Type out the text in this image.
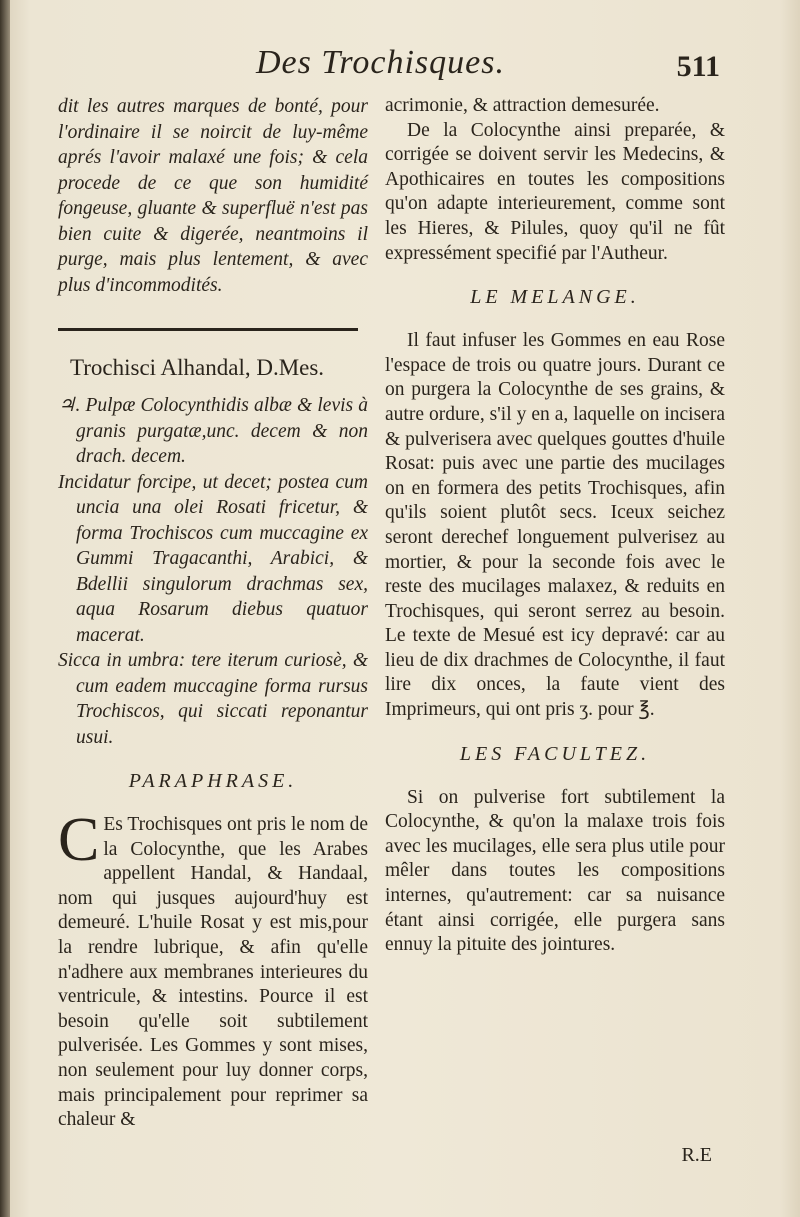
Des Trochisques.	511

dit les autres marques de bonté, pour l'ordinaire il se noircit de luy-même aprés l'avoir malaxé une fois; & cela procede de ce que son humidité fongeuse, gluante & superfluë n'est pas bien cuite & digerée, neantmoins il purge, mais plus lentement, & avec plus d'incommodités.

Trochisci Alhandal, D.Mes.

♃. Pulpæ Colocynthidis albæ & levis à granis purgatæ,unc. decem & non drach. decem.

Incidatur forcipe, ut decet; postea cum uncia una olei Rosati fricetur, & forma Trochiscos cum muccagine ex Gummi Tragacanthi, Arabici, & Bdellii singulorum drachmas sex, aqua Rosarum diebus quatuor macerat.

Sicca in umbra: tere iterum curiosè, & cum eadem muccagine forma rursus Trochiscos, qui siccati reponantur usui.

PARAPHRASE.

C Es Trochisques ont pris le nom de la Colocynthe, que les Arabes appellent Handal, & Handaal, nom qui jusques aujourd'huy est demeuré. L'huile Rosat y est mis,pour la rendre lubrique, & afin qu'elle n'adhere aux membranes interieures du ventricule, & intestins. Pource il est besoin qu'elle soit subtilement pulverisée. Les Gommes y sont mises, non seulement pour luy donner corps, mais principalement pour reprimer sa chaleur &

acrimonie, & attraction demesurée.

De la Colocynthe ainsi preparée, & corrigée se doivent servir les Medecins, & Apothicaires en toutes les compositions qu'on adapte interieurement, comme sont les Hieres, & Pilules, quoy qu'il ne fût expressément specifié par l'Autheur.

LE MELANGE.

Il faut infuser les Gommes en eau Rose l'espace de trois ou quatre jours. Durant ce on purgera la Colocynthe de ses grains, & autre ordure, s'il y en a, laquelle on incisera & pulverisera avec quelques gouttes d'huile Rosat: puis avec une partie des mucilages on en formera des petits Trochisques, afin qu'ils soient plutôt secs. Iceux seichez seront derechef longuement pulverisez au mortier, & pour la seconde fois avec le reste des mucilages malaxez, & reduits en Trochisques, qui seront serrez au besoin. Le texte de Mesué est icy depravé: car au lieu de dix drachmes de Colocynthe, il faut lire dix onces, la faute vient des Imprimeurs, qui ont pris ʒ. pour ℥.

LES FACULTEZ.

Si on pulverise fort subtilement la Colocynthe, & qu'on la malaxe trois fois avec les mucilages, elle sera plus utile pour mêler dans toutes les compositions internes, qu'autrement: car sa nuisance étant ainsi corrigée, elle purgera sans ennuy la pituite des jointures.

R.E
